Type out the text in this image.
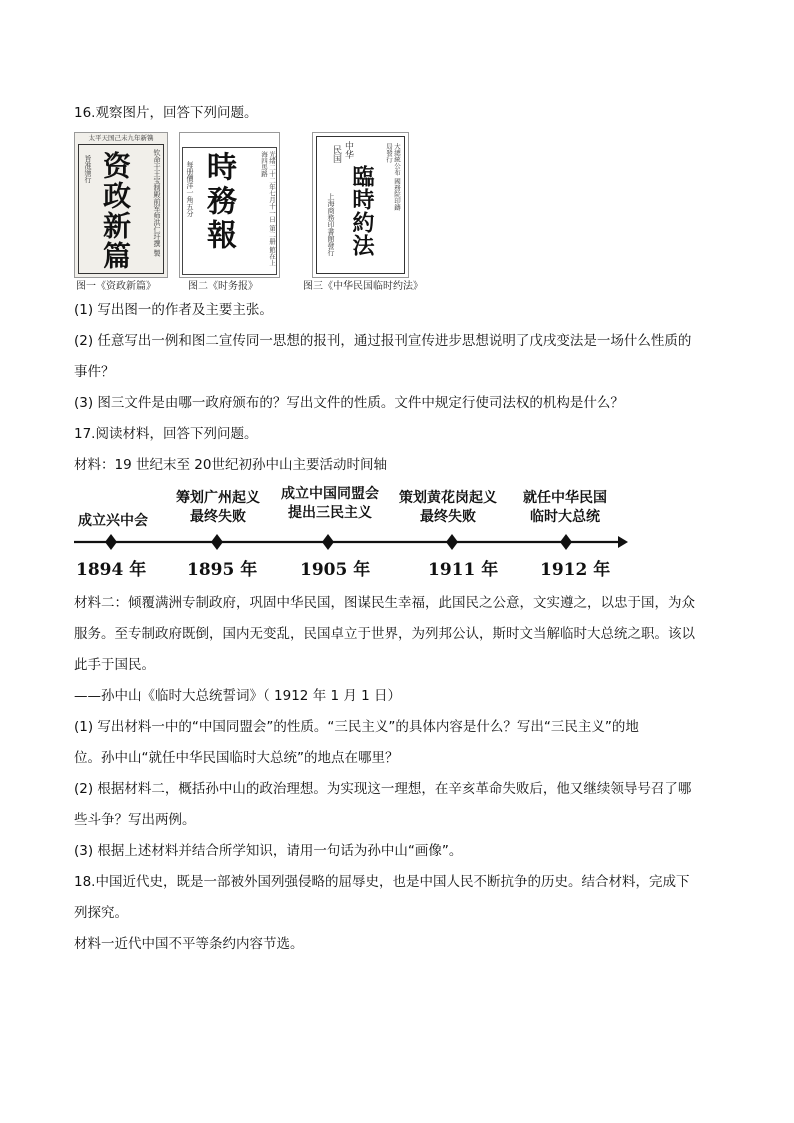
16.观察图片，回答下列问题。
太平天国己未九年新镌
旨准颁行 资政新篇	钦命干王宝制殿前军师洪仁玕撰 製
图一《资政新篇》
每册價洋一角五分 時務報	光绪二十二年七月十一日 第二册 館在上海四馬路
图二《时务报》
中华
民国
臨時約法
上海商務印書館發行
大總統公布 國務院印鑄局發行
图三《中华民国临时约法》
(1) 写出图一的作者及主要主张。
(2) 任意写出一例和图二宣传同一思想的报刊，通过报刊宣传进步思想说明了戊戌变法是一场什么性质的
事件？
(3) 图三文件是由哪一政府颁布的？写出文件的性质。文件中规定行使司法权的机构是什么？
17.阅读材料，回答下列问题。
材料：19 世纪末至 20世纪初孙中山主要活动时间轴
成立兴中会
筹划广州起义
最终失败
成立中国同盟会
提出三民主义
策划黄花岗起义
最终失败
就任中华民国
临时大总统
1894 年 1895 年	1905 年	1911 年 1912 年
材料二：倾覆满洲专制政府，巩固中华民国，图谋民生幸福，此国民之公意，文实遵之，以忠于国，为众
服务。至专制政府既倒，国内无变乱，民国卓立于世界，为列邦公认，斯时文当解临时大总统之职。该以
此手于国民。
——孙中山《临时大总统誓词》（ 1912 年 1 月 1 日）
(1) 写出材料一中的“中国同盟会”的性质。“三民主义”的具体内容是什么？写出“三民主义”的地
位。孙中山“就任中华民国临时大总统”的地点在哪里？
(2) 根据材料二，概括孙中山的政治理想。为实现这一理想，在辛亥革命失败后，他又继续领导号召了哪
些斗争？写出两例。
(3) 根据上述材料并结合所学知识，请用一句话为孙中山“画像”。
18.中国近代史，既是一部被外国列强侵略的屈辱史，也是中国人民不断抗争的历史。结合材料，完成下
列探究。
材料一近代中国不平等条约内容节选。
